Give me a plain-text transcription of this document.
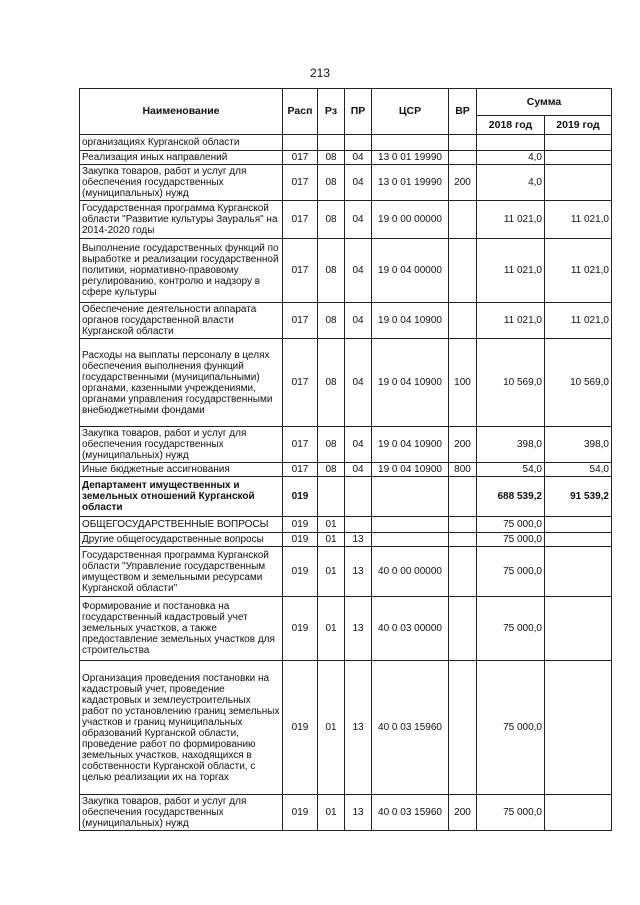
213
Наименование	Расп	Рз	ПР	ЦСР	ВР	Сумма	
						2018 год	2019 год
организациях Курганской области							
Реализация иных направлений	017	08	04	13 0 01 19990		4,0	
Закупка товаров, работ и услуг для обеспечения государственных (муниципальных) нужд	017	08	04	13 0 01 19990	200	4,0	
Государственная программа Курганской области "Развитие культуры Зауралья" на 2014-2020 годы	017	08	04	19 0 00 00000		11 021,0	11 021,0
Выполнение государственных функций по выработке и реализации государственной политики, нормативно-правовому регулированию, контролю и надзору в сфере культуры	017	08	04	19 0 04 00000		11 021,0	11 021,0
Обеспечение деятельности аппарата органов государственной власти Курганской области	017	08	04	19 0 04 10900		11 021,0	11 021,0
Расходы на выплаты персоналу в целях обеспечения выполнения функций государственными (муниципальными) органами, казенными учреждениями, органами управления государственными внебюджетными фондами	017	08	04	19 0 04 10900	100	10 569,0	10 569,0
Закупка товаров, работ и услуг для обеспечения государственных (муниципальных) нужд	017	08	04	19 0 04 10900	200	398,0	398,0
Иные бюджетные ассигнования	017	08	04	19 0 04 10900	800	54,0	54,0
Департамент имущественных и земельных отношений Курганской области	019					688 539,2	91 539,2
ОБЩЕГОСУДАРСТВЕННЫЕ ВОПРОСЫ	019	01				75 000,0	
Другие общегосударственные вопросы	019	01	13			75 000,0	
Государственная программа Курганской области "Управление государственным имуществом и земельными ресурсами Курганской области"	019	01	13	40 0 00 00000		75 000,0	
Формирование и постановка на государственный кадастровый учет земельных участков, а также предоставление земельных участков для строительства	019	01	13	40 0 03 00000		75 000,0	
Организация проведения постановки на кадастровый учет, проведение кадастровых и землеустроительных работ по установлению границ земельных участков и границ муниципальных образований Курганской области, проведение работ по формированию земельных участков, находящихся в собственности Курганской области, с целью реализации их на торгах	019	01	13	40 0 03 15960		75 000,0	
Закупка товаров, работ и услуг для обеспечения государственных (муниципальных) нужд	019	01	13	40 0 03 15960	200	75 000,0	
